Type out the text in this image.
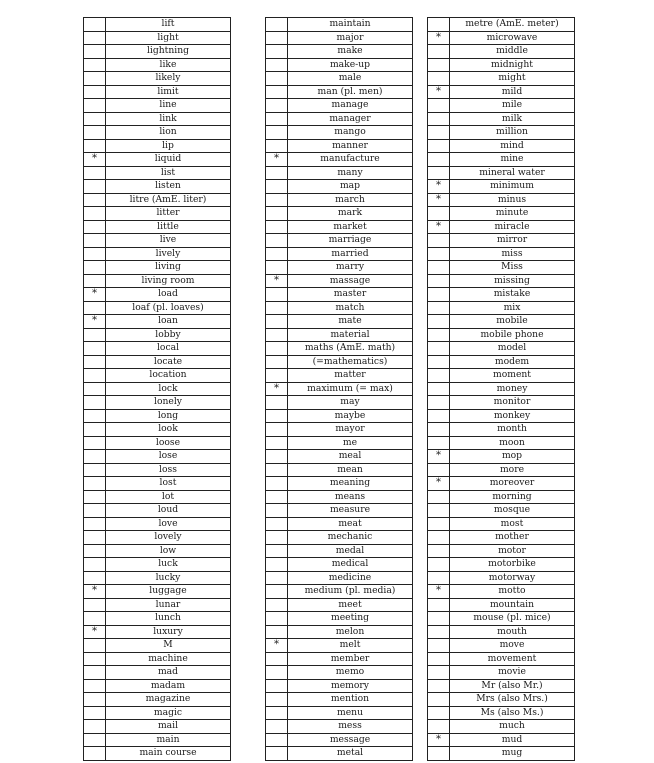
	lift
	light
	lightning
	like
	likely
	limit
	line
	link
	lion
	lip
*	liquid
	list
	listen
	litre (AmE. liter)
	litter
	little
	live
	lively
	living
	living room
*	load
	loaf (pl. loaves)
*	loan
	lobby
	local
	locate
	location
	lock
	lonely
	long
	look
	loose
	lose
	loss
	lost
	lot
	loud
	love
	lovely
	low
	luck
	lucky
*	luggage
	lunar
	lunch
*	luxury
	M
	machine
	mad
	madam
	magazine
	magic
	mail
	main
	main course
	maintain
	major
	make
	make-up
	male
	man (pl. men)
	manage
	manager
	mango
	manner
*	manufacture
	many
	map
	march
	mark
	market
	marriage
	married
	marry
*	massage
	master
	match
	mate
	material
	maths (AmE. math)
	(=mathematics)
	matter
*	maximum (= max)
	may
	maybe
	mayor
	me
	meal
	mean
	meaning
	means
	measure
	meat
	mechanic
	medal
	medical
	medicine
	medium (pl. media)
	meet
	meeting
	melon
*	melt
	member
	memo
	memory
	mention
	menu
	mess
	message
	metal
	metre (AmE. meter)
*	microwave
	middle
	midnight
	might
*	mild
	mile
	milk
	million
	mind
	mine
	mineral water
*	minimum
*	minus
	minute
*	miracle
	mirror
	miss
	Miss
	missing
	mistake
	mix
	mobile
	mobile phone
	model
	modem
	moment
	money
	monitor
	monkey
	month
	moon
*	mop
	more
*	moreover
	morning
	mosque
	most
	mother
	motor
	motorbike
	motorway
*	motto
	mountain
	mouse (pl. mice)
	mouth
	move
	movement
	movie
	Mr (also Mr.)
	Mrs (also Mrs.)
	Ms (also Ms.)
	much
*	mud
	mug
